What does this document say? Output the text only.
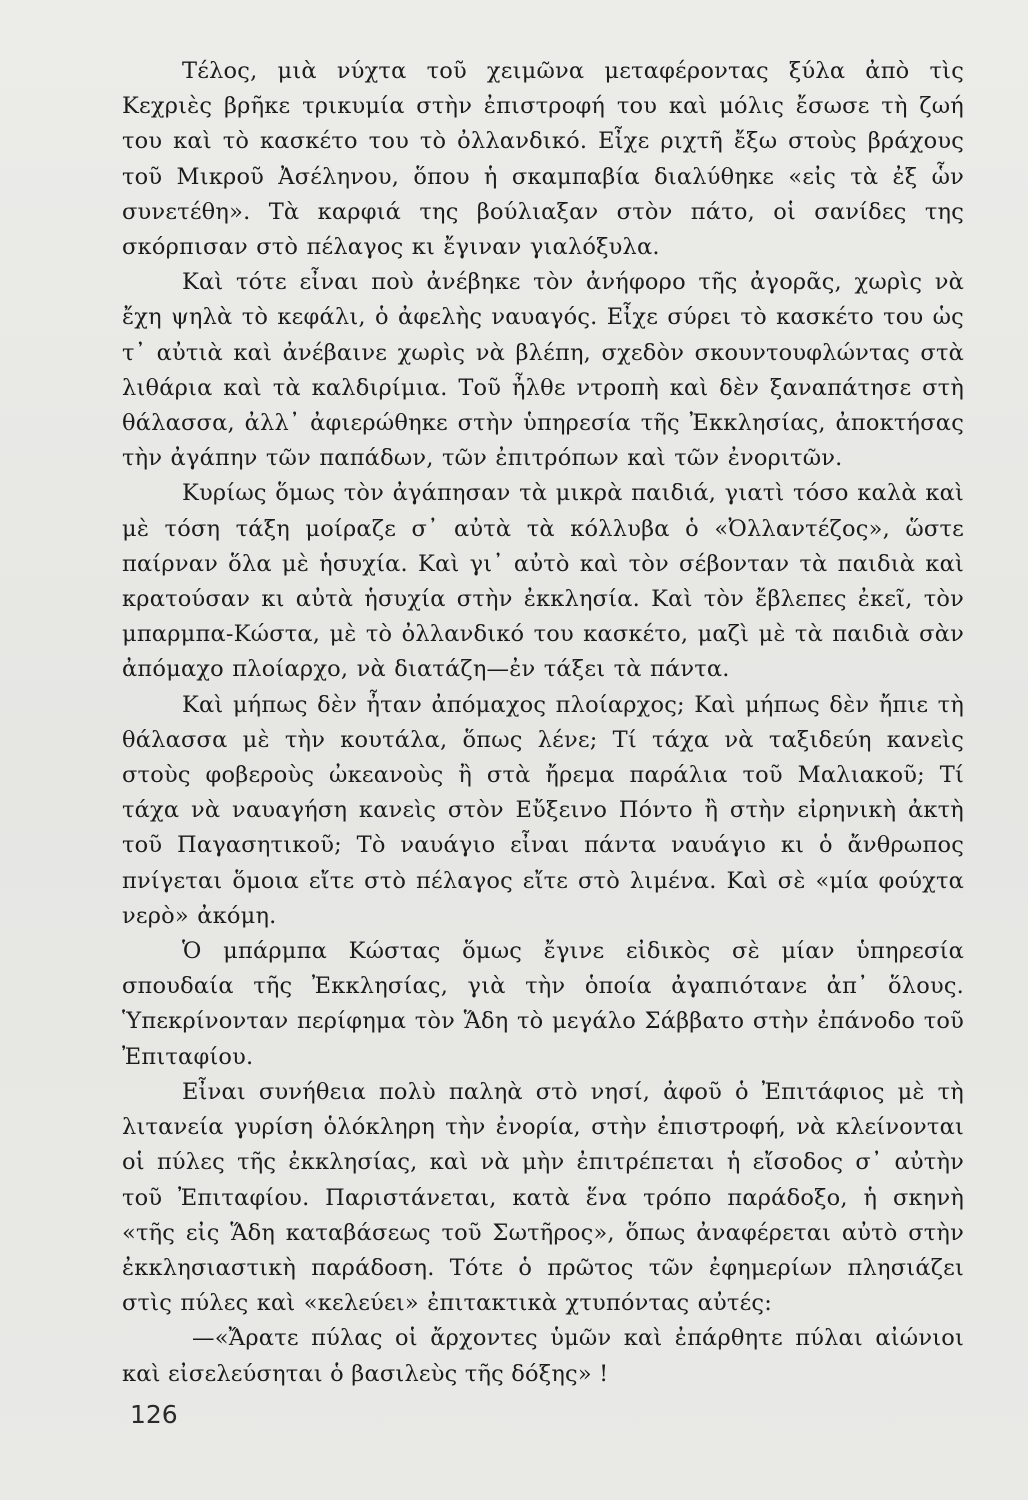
Τέλος, μιὰ νύχτα τοῦ χειμῶνα μεταφέροντας ξύλα ἀπὸ τὶς Κεχριὲς βρῆκε τρικυμία στὴν ἐπιστροφή του καὶ μόλις ἔσωσε τὴ ζωή του καὶ τὸ κασκέτο του τὸ ὀλλανδικό. Εἶχε ριχτῆ ἔξω στοὺς βράχους τοῦ Μικροῦ Ἀσέληνου, ὅπου ἡ σκαμπαβία διαλύθηκε «εἰς τὰ ἐξ ὧν συνετέθη». Τὰ καρφιά της βούλιαξαν στὸν πάτο, οἱ σανίδες της σκόρπισαν στὸ πέλαγος κι ἔγιναν γιαλόξυλα.

Καὶ τότε εἶναι ποὺ ἀνέβηκε τὸν ἀνήφορο τῆς ἀγορᾶς, χωρὶς νὰ ἔχη ψηλὰ τὸ κεφάλι, ὁ ἀφελὴς ναυαγός. Εἶχε σύρει τὸ κασκέτο του ὡς τ᾿ αὐτιὰ καὶ ἀνέβαινε χωρὶς νὰ βλέπη, σχεδὸν σκουντουφλώντας στὰ λιθάρια καὶ τὰ καλδιρίμια. Τοῦ ἦλθε ντροπὴ καὶ δὲν ξαναπάτησε στὴ θάλασσα, ἀλλ᾿ ἀφιερώθηκε στὴν ὑπηρεσία τῆς Ἐκκλησίας, ἀποκτήσας τὴν ἀγάπην τῶν παπάδων, τῶν ἐπιτρόπων καὶ τῶν ἐνοριτῶν.

Κυρίως ὅμως τὸν ἀγάπησαν τὰ μικρὰ παιδιά, γιατὶ τόσο καλὰ καὶ μὲ τόση τάξη μοίραζε σ᾿ αὐτὰ τὰ κόλλυβα ὁ «Ὀλλαντέζος», ὥστε παίρναν ὅλα μὲ ἡσυχία. Καὶ γι᾿ αὐτὸ καὶ τὸν σέβονταν τὰ παιδιὰ καὶ κρατούσαν κι αὐτὰ ἡσυχία στὴν ἐκκλησία. Καὶ τὸν ἔβλεπες ἐκεῖ, τὸν μπαρμπα-Κώστα, μὲ τὸ ὀλλανδικό του κασκέτο, μαζὶ μὲ τὰ παιδιὰ σὰν ἀπόμαχο πλοίαρχο, νὰ διατάζη—ἐν τάξει τὰ πάντα.

Καὶ μήπως δὲν ἦταν ἀπόμαχος πλοίαρχος; Καὶ μήπως δὲν ἤπιε τὴ θάλασσα μὲ τὴν κουτάλα, ὅπως λένε; Τί τάχα νὰ ταξιδεύη κανεὶς στοὺς φοβεροὺς ὠκεανοὺς ἢ στὰ ἤρεμα παράλια τοῦ Μαλιακοῦ; Τί τάχα νὰ ναυαγήση κανεὶς στὸν Εὔξεινο Πόντο ἢ στὴν εἰρηνικὴ ἀκτὴ τοῦ Παγασητικοῦ; Τὸ ναυάγιο εἶναι πάντα ναυάγιο κι ὁ ἄνθρωπος πνίγεται ὅμοια εἴτε στὸ πέλαγος εἴτε στὸ λιμένα. Καὶ σὲ «μία φούχτα νερὸ» ἀκόμη.

Ὁ μπάρμπα Κώστας ὅμως ἔγινε εἰδικὸς σὲ μίαν ὑπηρεσία σπουδαία τῆς Ἐκκλησίας, γιὰ τὴν ὁποία ἀγαπιότανε ἀπ᾿ ὅλους. Ὑπεκρίνονταν περίφημα τὸν Ἅδη τὸ μεγάλο Σάββατο στὴν ἐπάνοδο τοῦ Ἐπιταφίου.

Εἶναι συνήθεια πολὺ παληὰ στὸ νησί, ἀφοῦ ὁ Ἐπιτάφιος μὲ τὴ λιτανεία γυρίση ὁλόκληρη τὴν ἐνορία, στὴν ἐπιστροφή, νὰ κλείνονται οἱ πύλες τῆς ἐκκλησίας, καὶ νὰ μὴν ἐπιτρέπεται ἡ εἴσοδος σ᾿ αὐτὴν τοῦ Ἐπιταφίου. Παριστάνεται, κατὰ ἕνα τρόπο παράδοξο, ἡ σκηνὴ «τῆς εἰς Ἅδη καταβάσεως τοῦ Σωτῆρος», ὅπως ἀναφέρεται αὐτὸ στὴν ἐκκλησιαστικὴ παράδοση. Τότε ὁ πρῶτος τῶν ἐφημερίων πλησιάζει στὶς πύλες καὶ «κελεύει» ἐπιτακτικὰ χτυπόντας αὐτές:

—«Ἄρατε πύλας οἱ ἄρχοντες ὑμῶν καὶ ἐπάρθητε πύλαι αἰώνιοι καὶ εἰσελεύσηται ὁ βασιλεὺς τῆς δόξης» !

126
